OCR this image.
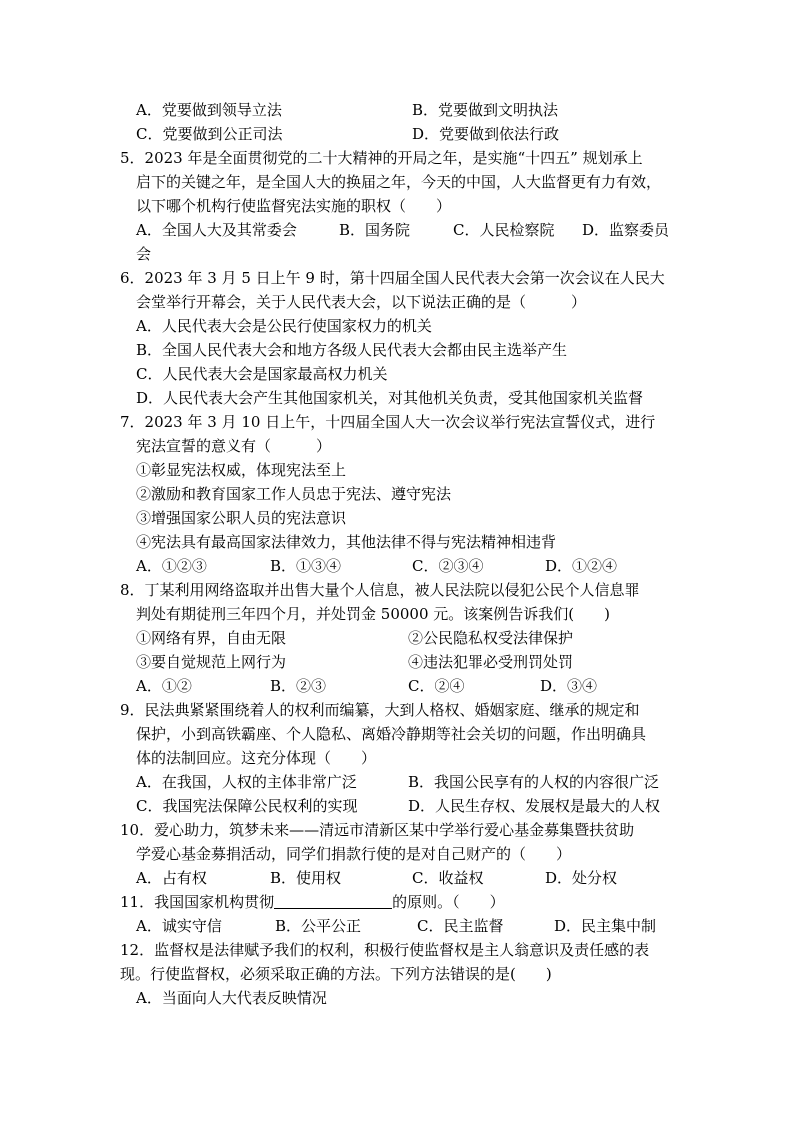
A．党要做到领导立法	B．党要做到文明执法
C．党要做到公正司法	D．党要做到依法行政
5．2023 年是全面贯彻党的二十大精神的开局之年，是实施“十四五” 规划承上
启下的关键之年，是全国人大的换届之年，今天的中国，人大监督更有力有效，
以下哪个机构行使监督宪法实施的职权（　　）
A．全国人大及其常委会	B．国务院	C．人民检察院 D．监察委员
会
6．2023 年 3 月 5 日上午 9 时，第十四届全国人民代表大会第一次会议在人民大
会堂举行开幕会，关于人民代表大会，以下说法正确的是（　　　）
A．人民代表大会是公民行使国家权力的机关
B．全国人民代表大会和地方各级人民代表大会都由民主选举产生
C．人民代表大会是国家最高权力机关
D．人民代表大会产生其他国家机关，对其他机关负责，受其他国家机关监督
7．2023 年 3 月 10 日上午，十四届全国人大一次会议举行宪法宣誓仪式，进行
宪法宣誓的意义有（　　　）
①彰显宪法权威，体现宪法至上
②激励和教育国家工作人员忠于宪法、遵守宪法
③增强国家公职人员的宪法意识
④宪法具有最高国家法律效力，其他法律不得与宪法精神相违背
A．①②③	B．①③④	C．②③④	D．①②④
8．丁某利用网络盗取并出售大量个人信息，被人民法院以侵犯公民个人信息罪
判处有期徒刑三年四个月，并处罚金 50000 元。该案例告诉我们(　　)
①网络有界，自由无限	②公民隐私权受法律保护
③要自觉规范上网行为	④违法犯罪必受刑罚处罚
A．①②	B．②③	C．②④	D．③④
9．民法典紧紧围绕着人的权利而编纂，大到人格权、婚姻家庭、继承的规定和
保护，小到高铁霸座、个人隐私、离婚冷静期等社会关切的问题，作出明确具
体的法制回应。这充分体现（　　）
A．在我国，人权的主体非常广泛	B．我国公民享有的人权的内容很广泛
C．我国宪法保障公民权利的实现	D．人民生存权、发展权是最大的人权
10．爱心助力，筑梦未来——清远市清新区某中学举行爱心基金募集暨扶贫助
学爱心基金募捐活动，同学们捐款行使的是对自己财产的（　　）
A．占有权	B．使用权	C．收益权	D．处分权
11．我国国家机构贯彻	的原则。（　　）
A．诚实守信	B．公平公正	C．民主监督	D．民主集中制
12．监督权是法律赋予我们的权利，积极行使监督权是主人翁意识及责任感的表
现。行使监督权，必须采取正确的方法。下列方法错误的是(　　)
A．当面向人大代表反映情况
